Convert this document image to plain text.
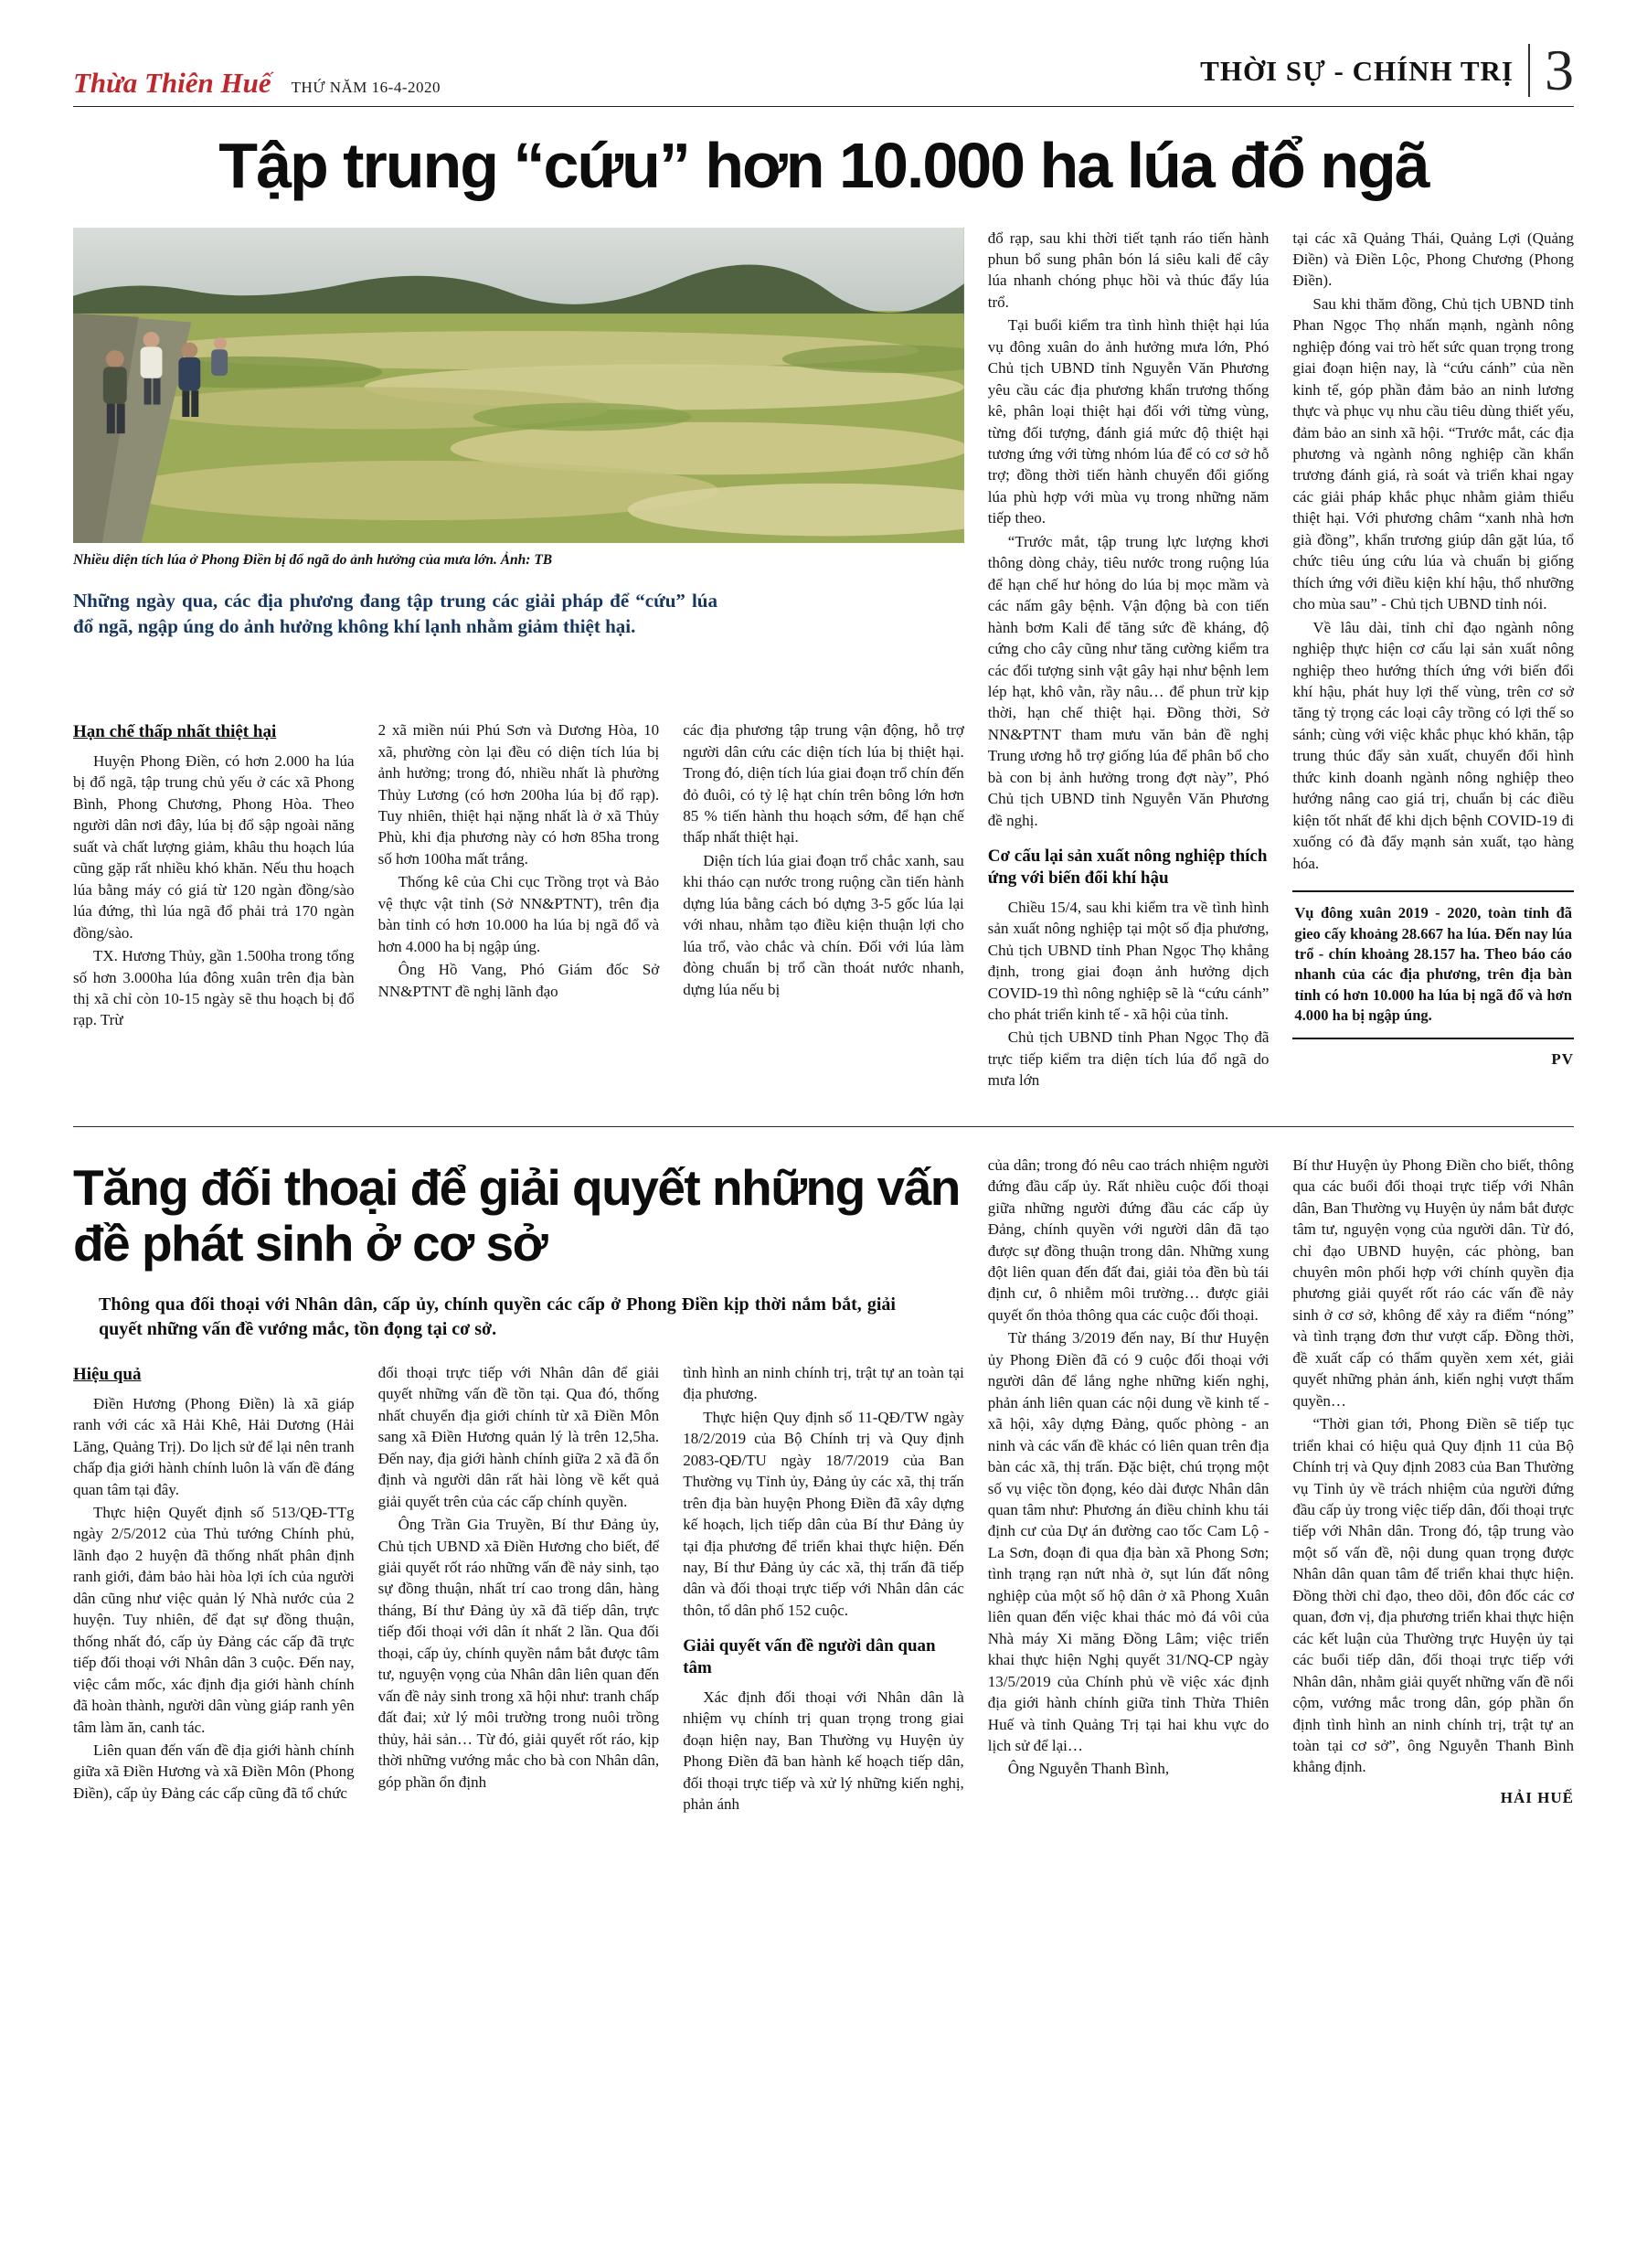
Thừa Thiên Huế THỨ NĂM 16-4-2020
THỜI SỰ - CHÍNH TRỊ 3
Tập trung “cứu” hơn 10.000 ha lúa đổ ngã

Nhiều diện tích lúa ở Phong Điền bị đổ ngã do ảnh hưởng của mưa lớn. Ảnh: TB

Những ngày qua, các địa phương đang tập trung các giải pháp để “cứu” lúa đổ ngã, ngập úng do ảnh hưởng không khí lạnh nhằm giảm thiệt hại.

Hạn chế thấp nhất thiệt hại

Huyện Phong Điền, có hơn 2.000 ha lúa bị đổ ngã, tập trung chủ yếu ở các xã Phong Bình, Phong Chương, Phong Hòa. Theo người dân nơi đây, lúa bị đổ sập ngoài năng suất và chất lượng giảm, khâu thu hoạch lúa cũng gặp rất nhiều khó khăn. Nếu thu hoạch lúa bằng máy có giá từ 120 ngàn đồng/sào lúa đứng, thì lúa ngã đổ phải trả 170 ngàn đồng/sào.

TX. Hương Thủy, gần 1.500ha trong tổng số hơn 3.000ha lúa đông xuân trên địa bàn thị xã chỉ còn 10-15 ngày sẽ thu hoạch bị đổ rạp. Trừ

2 xã miền núi Phú Sơn và Dương Hòa, 10 xã, phường còn lại đều có diện tích lúa bị ảnh hưởng; trong đó, nhiều nhất là phường Thủy Lương (có hơn 200ha lúa bị đổ rạp). Tuy nhiên, thiệt hại nặng nhất là ở xã Thủy Phù, khi địa phương này có hơn 85ha trong số hơn 100ha mất trắng.

Thống kê của Chi cục Trồng trọt và Bảo vệ thực vật tỉnh (Sở NN&PTNT), trên địa bàn tỉnh có hơn 10.000 ha lúa bị ngã đổ và hơn 4.000 ha bị ngập úng.

Ông Hồ Vang, Phó Giám đốc Sở NN&PTNT đề nghị lãnh đạo

các địa phương tập trung vận động, hỗ trợ người dân cứu các diện tích lúa bị thiệt hại. Trong đó, diện tích lúa giai đoạn trổ chín đến đỏ đuôi, có tỷ lệ hạt chín trên bông lớn hơn 85 % tiến hành thu hoạch sớm, để hạn chế thấp nhất thiệt hại.

Diện tích lúa giai đoạn trổ chắc xanh, sau khi tháo cạn nước trong ruộng cần tiến hành dựng lúa bằng cách bó dựng 3-5 gốc lúa lại với nhau, nhằm tạo điều kiện thuận lợi cho lúa trổ, vào chắc và chín. Đối với lúa làm đòng chuẩn bị trổ cần thoát nước nhanh, dựng lúa nếu bị

đổ rạp, sau khi thời tiết tạnh ráo tiến hành phun bổ sung phân bón lá siêu kali để cây lúa nhanh chóng phục hồi và thúc đẩy lúa trổ.

Tại buổi kiểm tra tình hình thiệt hại lúa vụ đông xuân do ảnh hưởng mưa lớn, Phó Chủ tịch UBND tỉnh Nguyễn Văn Phương yêu cầu các địa phương khẩn trương thống kê, phân loại thiệt hại đối với từng vùng, từng đối tượng, đánh giá mức độ thiệt hại tương ứng với từng nhóm lúa để có cơ sở hỗ trợ; đồng thời tiến hành chuyển đổi giống lúa phù hợp với mùa vụ trong những năm tiếp theo.

“Trước mắt, tập trung lực lượng khơi thông dòng chảy, tiêu nước trong ruộng lúa để hạn chế hư hỏng do lúa bị mọc mầm và các nấm gây bệnh. Vận động bà con tiến hành bơm Kali để tăng sức đề kháng, độ cứng cho cây cũng như tăng cường kiểm tra các đối tượng sinh vật gây hại như bệnh lem lép hạt, khô vằn, rầy nâu… để phun trừ kịp thời, hạn chế thiệt hại. Đồng thời, Sở NN&PTNT tham mưu văn bản đề nghị Trung ương hỗ trợ giống lúa để phân bổ cho bà con bị ảnh hưởng trong đợt này”, Phó Chủ tịch UBND tỉnh Nguyễn Văn Phương đề nghị.

Cơ cấu lại sản xuất nông nghiệp thích ứng với biến đổi khí hậu

Chiều 15/4, sau khi kiểm tra về tình hình sản xuất nông nghiệp tại một số địa phương, Chủ tịch UBND tỉnh Phan Ngọc Thọ khẳng định, trong giai đoạn ảnh hưởng dịch COVID-19 thì nông nghiệp sẽ là “cứu cánh” cho phát triển kinh tế - xã hội của tỉnh.

Chủ tịch UBND tỉnh Phan Ngọc Thọ đã trực tiếp kiểm tra diện tích lúa đổ ngã do mưa lớn

tại các xã Quảng Thái, Quảng Lợi (Quảng Điền) và Điền Lộc, Phong Chương (Phong Điền).

Sau khi thăm đồng, Chủ tịch UBND tỉnh Phan Ngọc Thọ nhấn mạnh, ngành nông nghiệp đóng vai trò hết sức quan trọng trong giai đoạn hiện nay, là “cứu cánh” của nền kinh tế, góp phần đảm bảo an ninh lương thực và phục vụ nhu cầu tiêu dùng thiết yếu, đảm bảo an sinh xã hội. “Trước mắt, các địa phương và ngành nông nghiệp cần khẩn trương đánh giá, rà soát và triển khai ngay các giải pháp khắc phục nhằm giảm thiểu thiệt hại. Với phương châm “xanh nhà hơn già đồng”, khẩn trương giúp dân gặt lúa, tổ chức tiêu úng cứu lúa và chuẩn bị giống thích ứng với điều kiện khí hậu, thổ nhưỡng cho mùa sau” - Chủ tịch UBND tỉnh nói.

Về lâu dài, tỉnh chỉ đạo ngành nông nghiệp thực hiện cơ cấu lại sản xuất nông nghiệp theo hướng thích ứng với biến đổi khí hậu, phát huy lợi thế vùng, trên cơ sở tăng tỷ trọng các loại cây trồng có lợi thế so sánh; cùng với việc khắc phục khó khăn, tập trung thúc đẩy sản xuất, chuyển đổi hình thức kinh doanh ngành nông nghiệp theo hướng nâng cao giá trị, chuẩn bị các điều kiện tốt nhất để khi dịch bệnh COVID-19 đi xuống có đà đẩy mạnh sản xuất, tạo hàng hóa.

Vụ đông xuân 2019 - 2020, toàn tỉnh đã gieo cấy khoảng 28.667 ha lúa. Đến nay lúa trổ - chín khoảng 28.157 ha. Theo báo cáo nhanh của các địa phương, trên địa bàn tỉnh có hơn 10.000 ha lúa bị ngã đổ và hơn 4.000 ha bị ngập úng.
PV
Tăng đối thoại để giải quyết những vấn đề phát sinh ở cơ sở

Thông qua đối thoại với Nhân dân, cấp ủy, chính quyền các cấp ở Phong Điền kịp thời nắm bắt, giải quyết những vấn đề vướng mắc, tồn đọng tại cơ sở.

Hiệu quả

Điền Hương (Phong Điền) là xã giáp ranh với các xã Hải Khê, Hải Dương (Hải Lăng, Quảng Trị). Do lịch sử để lại nên tranh chấp địa giới hành chính luôn là vấn đề đáng quan tâm tại đây.

Thực hiện Quyết định số 513/QĐ-TTg ngày 2/5/2012 của Thủ tướng Chính phủ, lãnh đạo 2 huyện đã thống nhất phân định ranh giới, đảm bảo hài hòa lợi ích của người dân cũng như việc quản lý Nhà nước của 2 huyện. Tuy nhiên, để đạt sự đồng thuận, thống nhất đó, cấp ủy Đảng các cấp đã trực tiếp đối thoại với Nhân dân 3 cuộc. Đến nay, việc cắm mốc, xác định địa giới hành chính đã hoàn thành, người dân vùng giáp ranh yên tâm làm ăn, canh tác.

Liên quan đến vấn đề địa giới hành chính giữa xã Điền Hương và xã Điền Môn (Phong Điền), cấp ủy Đảng các cấp cũng đã tổ chức

đối thoại trực tiếp với Nhân dân để giải quyết những vấn đề tồn tại. Qua đó, thống nhất chuyển địa giới chính từ xã Điền Môn sang xã Điền Hương quản lý là trên 12,5ha. Đến nay, địa giới hành chính giữa 2 xã đã ổn định và người dân rất hài lòng về kết quả giải quyết trên của các cấp chính quyền.

Ông Trần Gia Truyền, Bí thư Đảng ủy, Chủ tịch UBND xã Điền Hương cho biết, để giải quyết rốt ráo những vấn đề nảy sinh, tạo sự đồng thuận, nhất trí cao trong dân, hàng tháng, Bí thư Đảng ủy xã đã tiếp dân, trực tiếp đối thoại với dân ít nhất 2 lần. Qua đối thoại, cấp ủy, chính quyền nắm bắt được tâm tư, nguyện vọng của Nhân dân liên quan đến vấn đề nảy sinh trong xã hội như: tranh chấp đất đai; xử lý môi trường trong nuôi trồng thủy, hải sản… Từ đó, giải quyết rốt ráo, kịp thời những vướng mắc cho bà con Nhân dân, góp phần ổn định

tình hình an ninh chính trị, trật tự an toàn tại địa phương.

Thực hiện Quy định số 11-QĐ/TW ngày 18/2/2019 của Bộ Chính trị và Quy định 2083-QĐ/TU ngày 18/7/2019 của Ban Thường vụ Tỉnh ủy, Đảng ủy các xã, thị trấn trên địa bàn huyện Phong Điền đã xây dựng kế hoạch, lịch tiếp dân của Bí thư Đảng ủy tại địa phương để triển khai thực hiện. Đến nay, Bí thư Đảng ủy các xã, thị trấn đã tiếp dân và đối thoại trực tiếp với Nhân dân các thôn, tổ dân phố 152 cuộc.

Giải quyết vấn đề người dân quan tâm

Xác định đối thoại với Nhân dân là nhiệm vụ chính trị quan trọng trong giai đoạn hiện nay, Ban Thường vụ Huyện ủy Phong Điền đã ban hành kế hoạch tiếp dân, đối thoại trực tiếp và xử lý những kiến nghị, phản ánh

của dân; trong đó nêu cao trách nhiệm người đứng đầu cấp ủy. Rất nhiều cuộc đối thoại giữa những người đứng đầu các cấp ủy Đảng, chính quyền với người dân đã tạo được sự đồng thuận trong dân. Những xung đột liên quan đến đất đai, giải tỏa đền bù tái định cư, ô nhiễm môi trường… được giải quyết ổn thỏa thông qua các cuộc đối thoại.

Từ tháng 3/2019 đến nay, Bí thư Huyện ủy Phong Điền đã có 9 cuộc đối thoại với người dân để lắng nghe những kiến nghị, phản ánh liên quan các nội dung về kinh tế - xã hội, xây dựng Đảng, quốc phòng - an ninh và các vấn đề khác có liên quan trên địa bàn các xã, thị trấn. Đặc biệt, chú trọng một số vụ việc tồn đọng, kéo dài được Nhân dân quan tâm như: Phương án điều chỉnh khu tái định cư của Dự án đường cao tốc Cam Lộ - La Sơn, đoạn đi qua địa bàn xã Phong Sơn; tình trạng rạn nứt nhà ở, sụt lún đất nông nghiệp của một số hộ dân ở xã Phong Xuân liên quan đến việc khai thác mỏ đá vôi của Nhà máy Xi măng Đồng Lâm; việc triển khai thực hiện Nghị quyết 31/NQ-CP ngày 13/5/2019 của Chính phủ về việc xác định địa giới hành chính giữa tỉnh Thừa Thiên Huế và tỉnh Quảng Trị tại hai khu vực do lịch sử để lại…

Ông Nguyễn Thanh Bình,

Bí thư Huyện ủy Phong Điền cho biết, thông qua các buổi đối thoại trực tiếp với Nhân dân, Ban Thường vụ Huyện ủy nắm bắt được tâm tư, nguyện vọng của người dân. Từ đó, chỉ đạo UBND huyện, các phòng, ban chuyên môn phối hợp với chính quyền địa phương giải quyết rốt ráo các vấn đề nảy sinh ở cơ sở, không để xảy ra điểm “nóng” và tình trạng đơn thư vượt cấp. Đồng thời, đề xuất cấp có thẩm quyền xem xét, giải quyết những phản ánh, kiến nghị vượt thẩm quyền…

“Thời gian tới, Phong Điền sẽ tiếp tục triển khai có hiệu quả Quy định 11 của Bộ Chính trị và Quy định 2083 của Ban Thường vụ Tỉnh ủy về trách nhiệm của người đứng đầu cấp ủy trong việc tiếp dân, đối thoại trực tiếp với Nhân dân. Trong đó, tập trung vào một số vấn đề, nội dung quan trọng được Nhân dân quan tâm để triển khai thực hiện. Đồng thời chỉ đạo, theo dõi, đôn đốc các cơ quan, đơn vị, địa phương triển khai thực hiện các kết luận của Thường trực Huyện ủy tại các buổi tiếp dân, đối thoại trực tiếp với Nhân dân, nhằm giải quyết những vấn đề nổi cộm, vướng mắc trong dân, góp phần ổn định tình hình an ninh chính trị, trật tự an toàn tại cơ sở”, ông Nguyễn Thanh Bình khẳng định.

HẢI HUẾ
